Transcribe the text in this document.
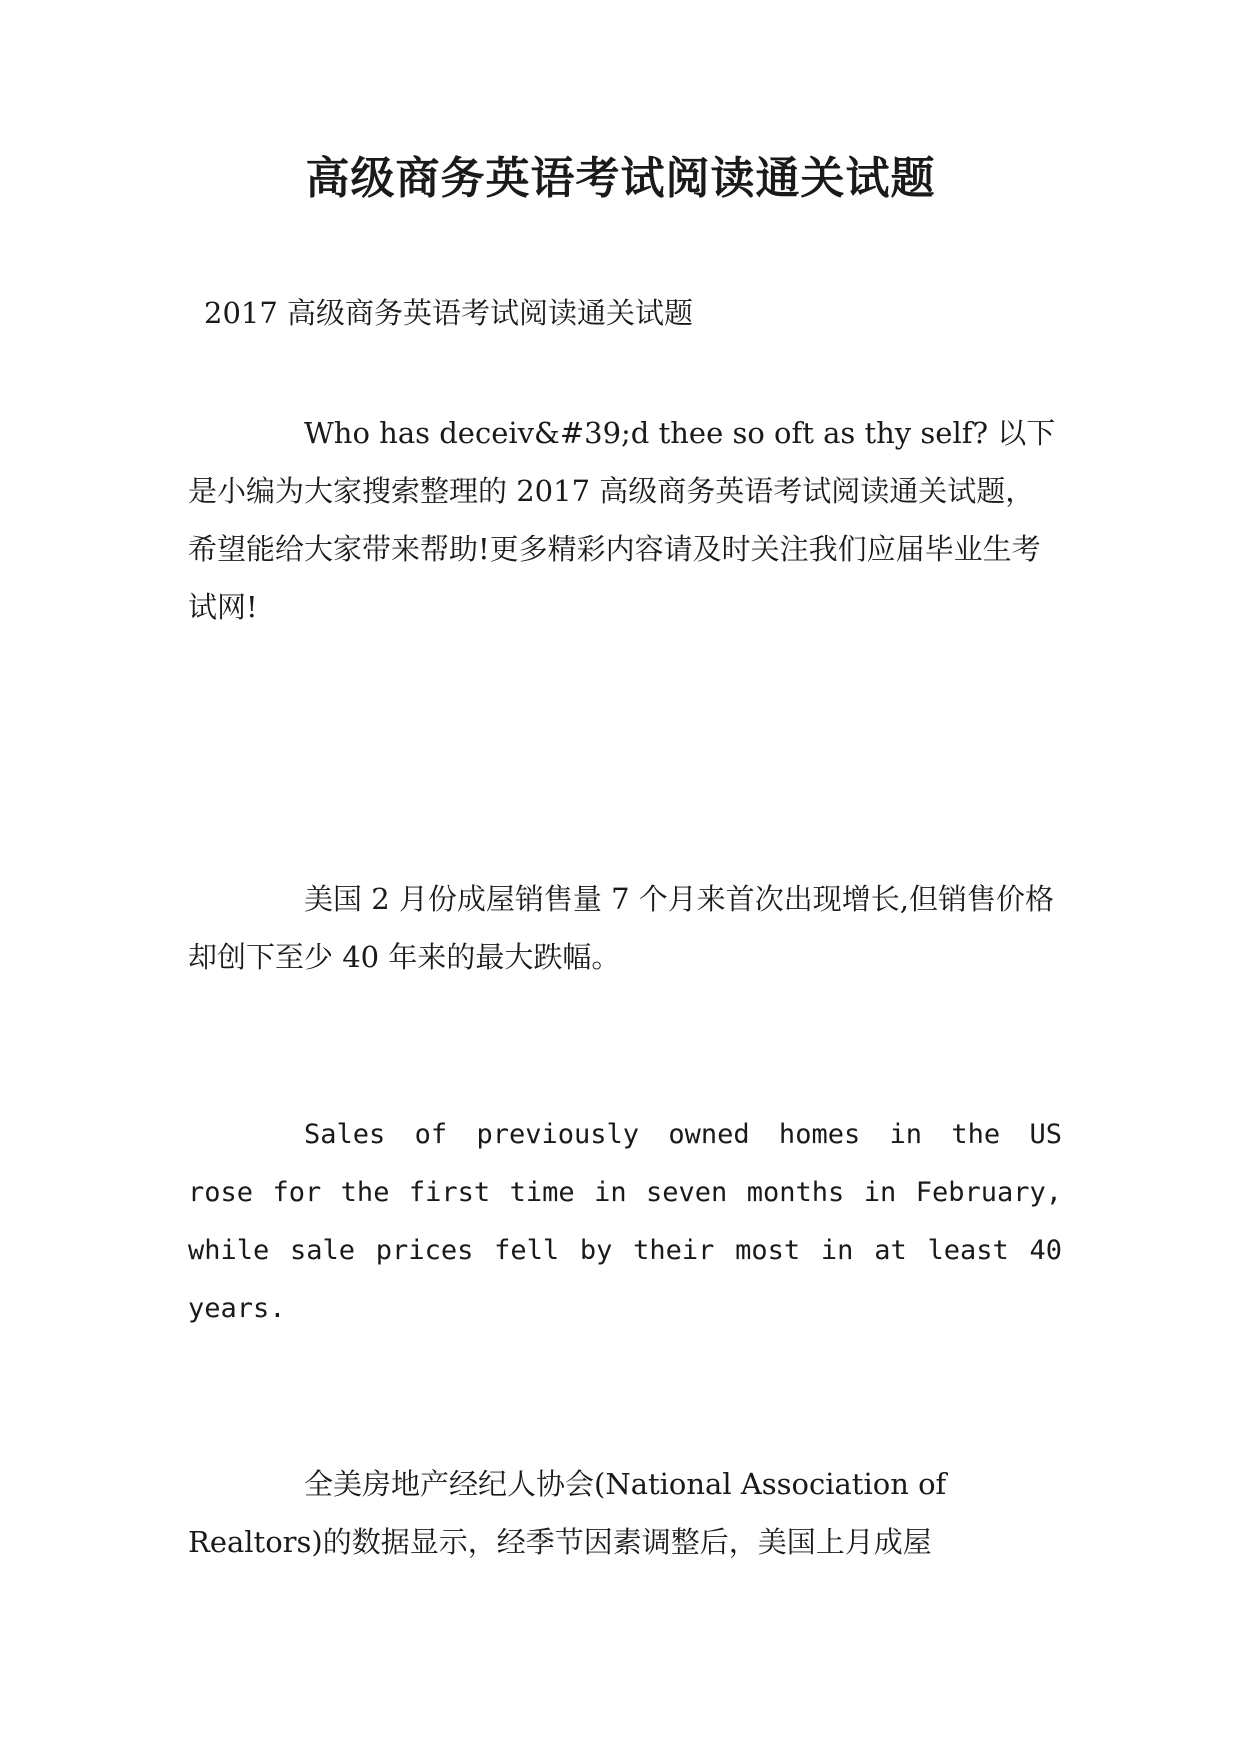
高级商务英语考试阅读通关试题

2017 高级商务英语考试阅读通关试题

Who has deceiv&#39;d thee so oft as thy self? 以下是小编为大家搜索整理的 2017 高级商务英语考试阅读通关试题，希望能给大家带来帮助!更多精彩内容请及时关注我们应届毕业生考试网!

美国 2 月份成屋销售量 7 个月来首次出现增长,但销售价格却创下至少 40 年来的最大跌幅。

Sales of previously owned homes in the US rose for the first time in seven months in February, while sale prices fell by their most in at least 40 years.

全美房地产经纪人协会(National Association of Realtors)的数据显示，经季节因素调整后，美国上月成屋
